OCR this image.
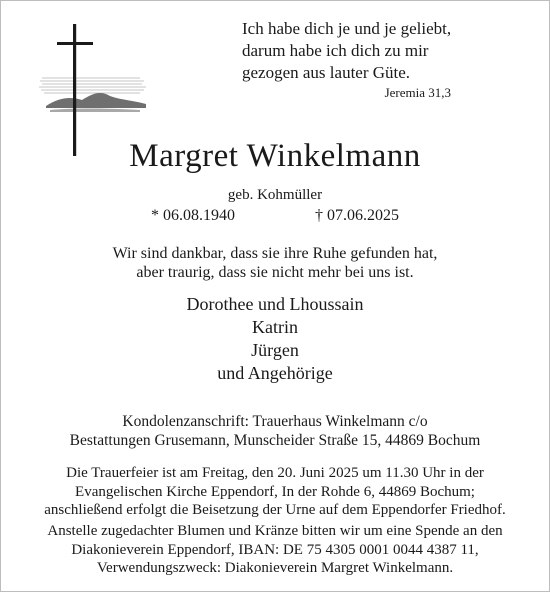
Ich habe dich je und je geliebt,
darum habe ich dich zu mir
gezogen aus lauter Güte.
Jeremia 31,3
Margret Winkelmann
geb. Kohmüller
* 06.08.1940	† 07.06.2025
Wir sind dankbar, dass sie ihre Ruhe gefunden hat,
aber traurig, dass sie nicht mehr bei uns ist.
Dorothee und Lhoussain
Katrin
Jürgen
und Angehörige
Kondolenzanschrift: Trauerhaus Winkelmann c/o
Bestattungen Grusemann, Munscheider Straße 15, 44869 Bochum
Die Trauerfeier ist am Freitag, den 20. Juni 2025 um 11.30 Uhr in der
Evangelischen Kirche Eppendorf, In der Rohde 6, 44869 Bochum;
anschließend erfolgt die Beisetzung der Urne auf dem Eppendorfer Friedhof.
Anstelle zugedachter Blumen und Kränze bitten wir um eine Spende an den
Diakonieverein Eppendorf, IBAN: DE 75 4305 0001 0044 4387 11,
Verwendungszweck: Diakonieverein Margret Winkelmann.
